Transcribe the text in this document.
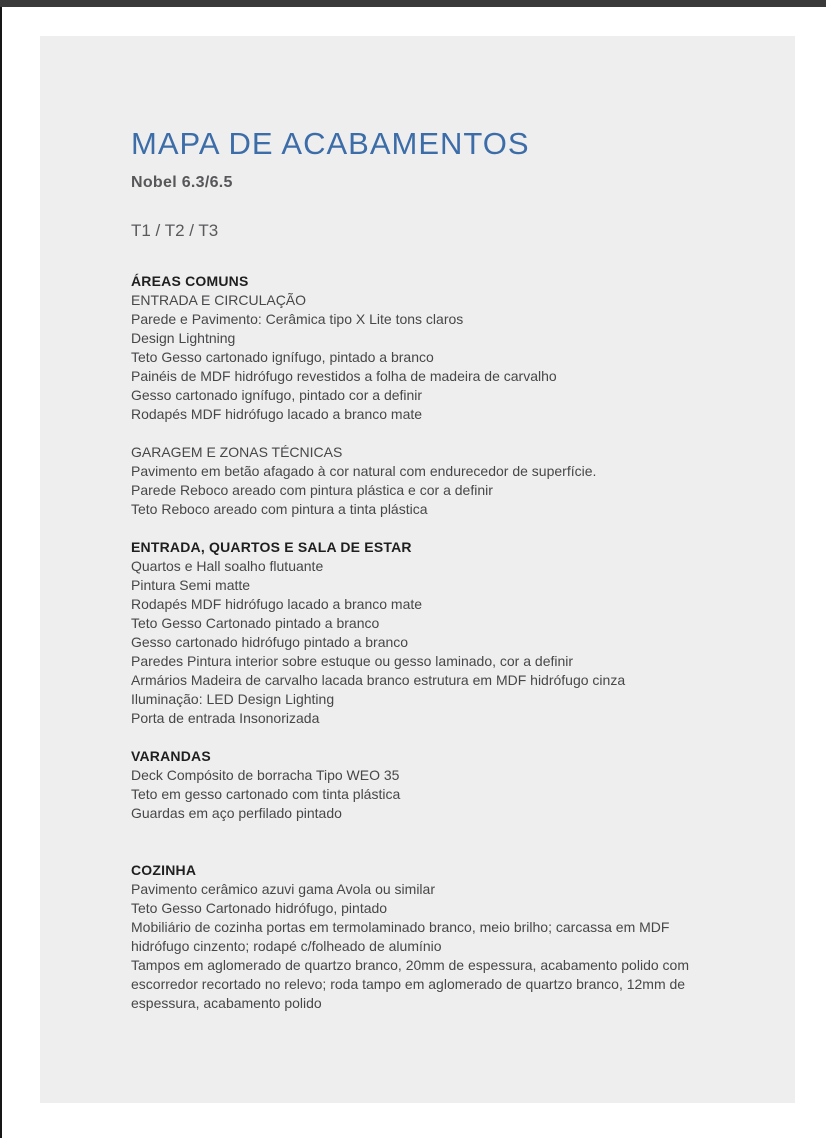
MAPA DE ACABAMENTOS
Nobel 6.3/6.5
T1 / T2 / T3
ÁREAS COMUNS
ENTRADA E CIRCULAÇÃO
Parede e Pavimento: Cerâmica tipo X Lite tons claros
Design Lightning
Teto Gesso cartonado ignífugo, pintado a branco
Painéis de MDF hidrófugo revestidos a folha de madeira de carvalho
Gesso cartonado ignífugo, pintado cor a definir
Rodapés MDF hidrófugo lacado a branco mate
GARAGEM E ZONAS TÉCNICAS
Pavimento em betão afagado à cor natural com endurecedor de superfície.
Parede Reboco areado com pintura plástica e cor a definir
Teto Reboco areado com pintura a tinta plástica
ENTRADA, QUARTOS E SALA DE ESTAR
Quartos e Hall soalho flutuante
Pintura Semi matte
Rodapés MDF hidrófugo lacado a branco mate
Teto Gesso Cartonado pintado a branco
Gesso cartonado hidrófugo pintado a branco
Paredes Pintura interior sobre estuque ou gesso laminado, cor a definir
Armários Madeira de carvalho lacada branco estrutura em MDF hidrófugo cinza
Iluminação: LED Design Lighting
Porta de entrada Insonorizada
VARANDAS
Deck Compósito de borracha Tipo WEO 35
Teto em gesso cartonado com tinta plástica
Guardas em aço perfilado pintado
COZINHA
Pavimento cerâmico azuvi gama Avola ou similar
Teto Gesso Cartonado hidrófugo, pintado
Mobiliário de cozinha portas em termolaminado branco, meio brilho; carcassa em MDF hidrófugo cinzento; rodapé c/folheado de alumínio
Tampos em aglomerado de quartzo branco, 20mm de espessura, acabamento polido com escorredor recortado no relevo; roda tampo em aglomerado de quartzo branco, 12mm de espessura, acabamento polido
